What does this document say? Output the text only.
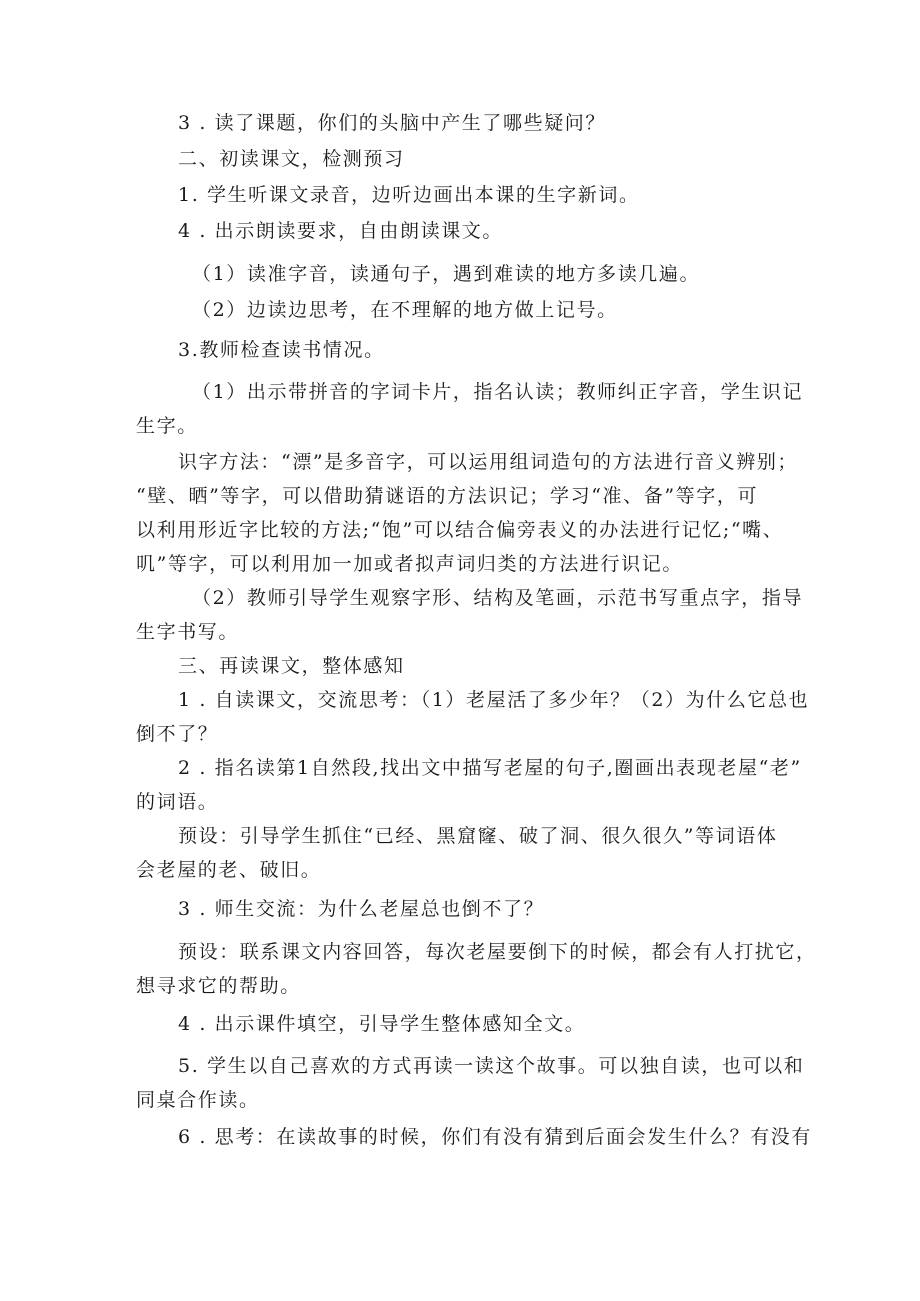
3 . 读了课题，你们的头脑中产生了哪些疑问？
二、初读课文，检测预习
1. 学生听课文录音，边听边画出本课的生字新词。
4 . 出示朗读要求，自由朗读课文。
（1）读准字音，读通句子，遇到难读的地方多读几遍。
（2）边读边思考，在不理解的地方做上记号。
3.教师检查读书情况。
（1）出示带拼音的字词卡片，指名认读；教师纠正字音，学生识记
生字。
识字方法：“漂”是多音字，可以运用组词造句的方法进行音义辨别；
“壁、晒”等字，可以借助猜谜语的方法识记；学习“准、备”等字，可
以利用形近字比较的方法;“饱”可以结合偏旁表义的办法进行记忆;“嘴、
叽”等字，可以利用加一加或者拟声词归类的方法进行识记。
（2）教师引导学生观察字形、结构及笔画，示范书写重点字，指导
生字书写。
三、再读课文，整体感知
1 . 自读课文，交流思考：（1）老屋活了多少年？（2）为什么它总也
倒不了？
2 . 指名读第1自然段,找出文中描写老屋的句子,圈画出表现老屋“老”
的词语。
预设：引导学生抓住“已经、黑窟窿、破了洞、很久很久”等词语体
会老屋的老、破旧。
3 . 师生交流：为什么老屋总也倒不了？
预设：联系课文内容回答，每次老屋要倒下的时候，都会有人打扰它，
想寻求它的帮助。
4 . 出示课件填空，引导学生整体感知全文。
5. 学生以自己喜欢的方式再读一读这个故事。可以独自读，也可以和
同桌合作读。
6 . 思考：在读故事的时候，你们有没有猜到后面会发生什么？有没有
